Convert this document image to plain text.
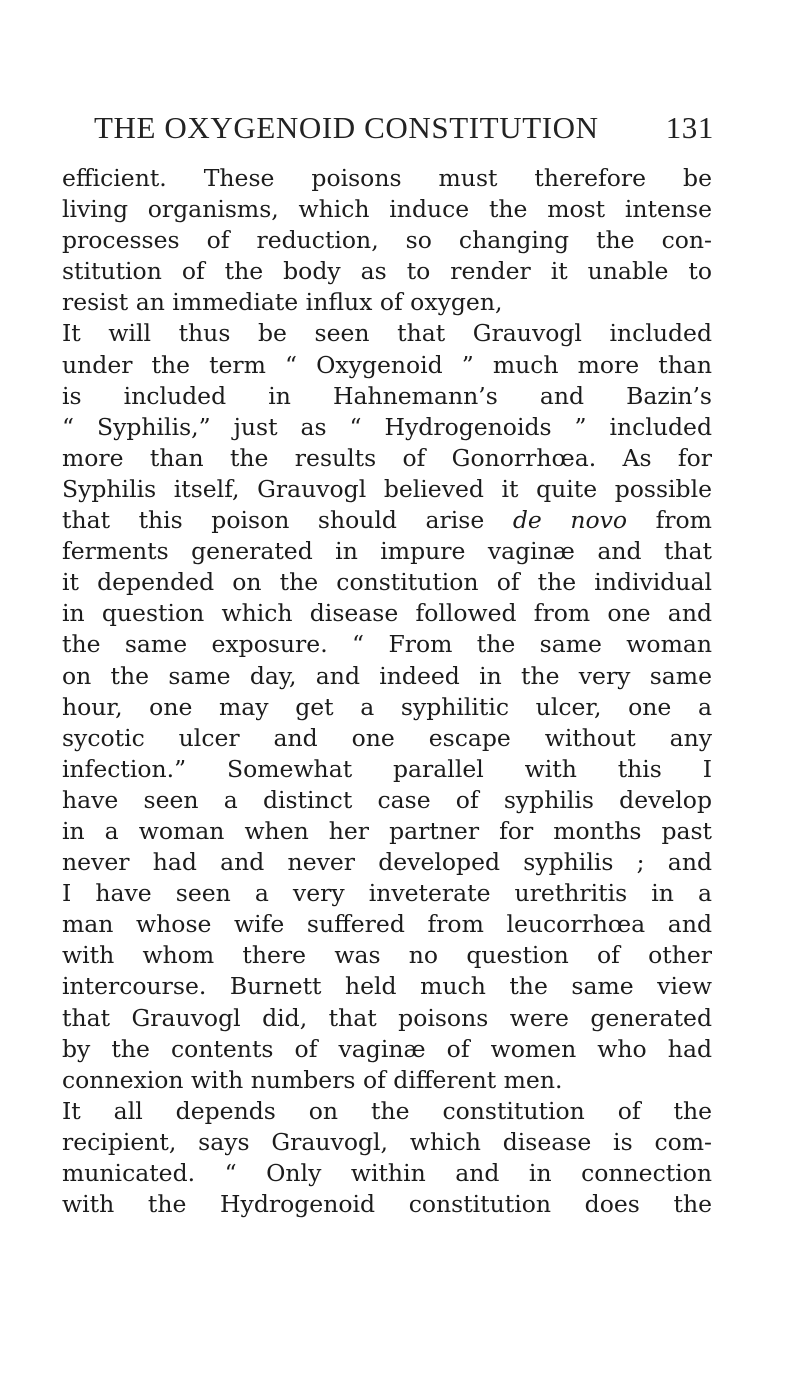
THE OXYGENOID CONSTITUTION 131
efficient. These poisons must therefore be
living organisms, which induce the most intense
processes of reduction, so changing the con-
stitution of the body as to render it unable to
resist an immediate influx of oxygen,
It will thus be seen that Grauvogl included
under the term “ Oxygenoid ” much more than
is included in Hahnemann’s and Bazin’s
“ Syphilis,” just as “ Hydrogenoids ” included
more than the results of Gonorrhœa. As for
Syphilis itself, Grauvogl believed it quite possible
that this poison should arise de novo from
ferments generated in impure vaginæ and that
it depended on the constitution of the individual
in question which disease followed from one and
the same exposure. “ From the same woman
on the same day, and indeed in the very same
hour, one may get a syphilitic ulcer, one a
sycotic ulcer and one escape without any
infection.” Somewhat parallel with this I
have seen a distinct case of syphilis develop
in a woman when her partner for months past
never had and never developed syphilis ; and
I have seen a very inveterate urethritis in a
man whose wife suffered from leucorrhœa and
with whom there was no question of other
intercourse. Burnett held much the same view
that Grauvogl did, that poisons were generated
by the contents of vaginæ of women who had
connexion with numbers of different men.
It all depends on the constitution of the
recipient, says Grauvogl, which disease is com-
municated. “ Only within and in connection
with the Hydrogenoid constitution does the
